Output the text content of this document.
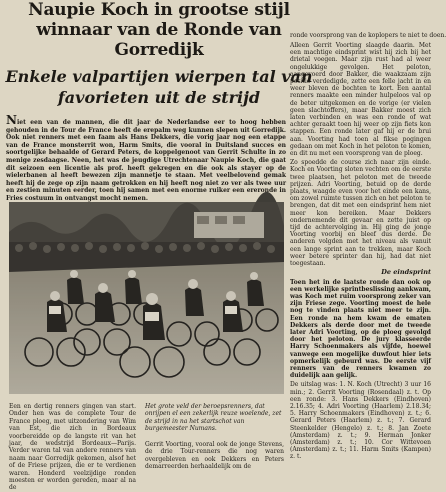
Naupie Koch in grootse stijl winnaar van de Ronde van Gorredijk
Enkele valpartijen wierpen tal van favorieten uit de strijd
ronde voorsprong van de koplopers te niet te doen.
Niet een van de mannen, die dit jaar de Nederlandse eer to hoog hebben gehouden in de Tour de France heeft de erepalm weg kunnen slepen uit Gorredijk. Ook niet renners met een faam als Hans Dekkers, die vorig jaar nog een etappe van de France monsterrit won, Harm Smits, die vooral in Duitsland succes en soortgelijke behaalde of Gerard Peters, de koppelgenoot van Gerrit Schulte in zo menige zesdaagse. Neen, het was de jeugdige Utrechtenaar Naupie Koch, die gaat dit seizoen een licentie als prof. heeft gekregen en die ook als stayer op de wielerbanen al heeft bewezen zijn mannetje te staan. Met veelbelovend gemak heeft hij de zege op zijn naam getrokken en hij heeft nog niet zo ver als twee uur en zestien minuten eerder, toen hij samen met een enorme ruiker een ereronde in Fries costuum in ontvangst mocht nemen.
Een en dertig renners gingen van start. Onder hen was de complete Tour de France ploeg, met uitzondering van Wim van Est, die zich in Bordeaux voorbereidde op de langste rit van het jaar, de wedstrijd Bordeaux—Parijs. Verder waren tal van andere renners van naam naar Gorredijk gekomen, alsof het of de Friese prijzen, die er te verdienen waren. Honderd veelzijdige ronden moesten er worden gereden, maar al na de
Het grote veld der beroepsrenners, dat onrijpen el een zekerlijk reuze woelende, zet de strijd in na het startschot van burgemeester Numans.
Gerrit Voorting, vooral ook de jonge Stevens, de drie Tour-renners die nog waren overgebleven en ook Dekkers en Peters demarreerden herhaaldelijk om de
Alleen Gerrit Voorting slaagde daarin. Met een machtige eindsprint wist hij zich bij het drietal voegen. Maar zijn rust had al weer ongelukkige gevolgen. Het peloton, aangevoerd door Bakker, die waakzaam zijn positie verdedigde, zette een felle jacht in en weer bleven de bochten te kort. Een aantal renners maakte een minder hulpeloos val op de beter uitgekomen en de vorige (er vielen geen slachtoffers), maar Bakker moest zich laten verbinden en was een ronde of wat achter geraakt toen hij weer op zijn fiets kon stappen. Een ronde later gaf hij er de brui aan. Voorting had toen al fikse pogingen gedaan om met Koch in het peloton te komen, en dit nu met een voorsprong van de ploeg.
Zo spoedde de course zich naar zijn einde. Koch en Voorting sloten vechten om de eerste twee plaatsen, het peloton met de tweede prijzen. Adri Voorting, betuid op de derde plaats, waagde even voor het einde een kans, om zowel ruimte tussen zich en het peloton te brengen, dat dit met een eindsprint hem niet meer kon bereiken. Maar Dekkers ondernemende dit gevaar en zette juist op tijd de achtervolging in. Hij ging de jonge Voorting voorbij en bleef dus derde. De anderen volgden met het niveau als vanuit een lange sprint aan te trekken, maar Koch weer betere sprinter dan hij, had dat niet toegestaan.
De eindsprint
Toen het in de laatste ronde dan ook op een werkelijke sprintbeslissing aankwam, was Koch met ruim voorsprong zeker van zijn Friese zege. Voorting moest de hele nog te vinden plaats niet meer te zijn. Een ronde na hem kwam de ematen Dekkers als derde door met de tweede later Adri Voorting, op de ploeg gevolgd door het peloton. De jury klasseerde Harry Schoenmakers als vijfde, hoewel vanwege een mogelijke duwfout hier iets opmerkelijk gebeurd was. De eerste vijf renners van de renners kwamen zo duidelijk aan gelijk.
De uitslag was: 1. N. Koch (Utrecht) 3 uur 16 min.; 2. Gerrit Voorting (Rosendaal) z. t. Op een ronde: 3. Hans Dekkers (Eindhoven) 2.16.35; 4. Adri Voorting (Haarlem) 2.18.34; 5. Harry Schoenmakers (Eindhoven) z. t.; 6. Gerard Peters (Haarlem) z. t.; 7. Gerard Steenkelder (Hengelo) z. t.; 8. Jan Zoete (Amsterdam) z. t.; 9. Herman Jonker (Amsterdam) z. t.; 10. Cor Wittevoen (Amsterdam) z. t.; 11. Harm Smits (Kampen) z. t.
